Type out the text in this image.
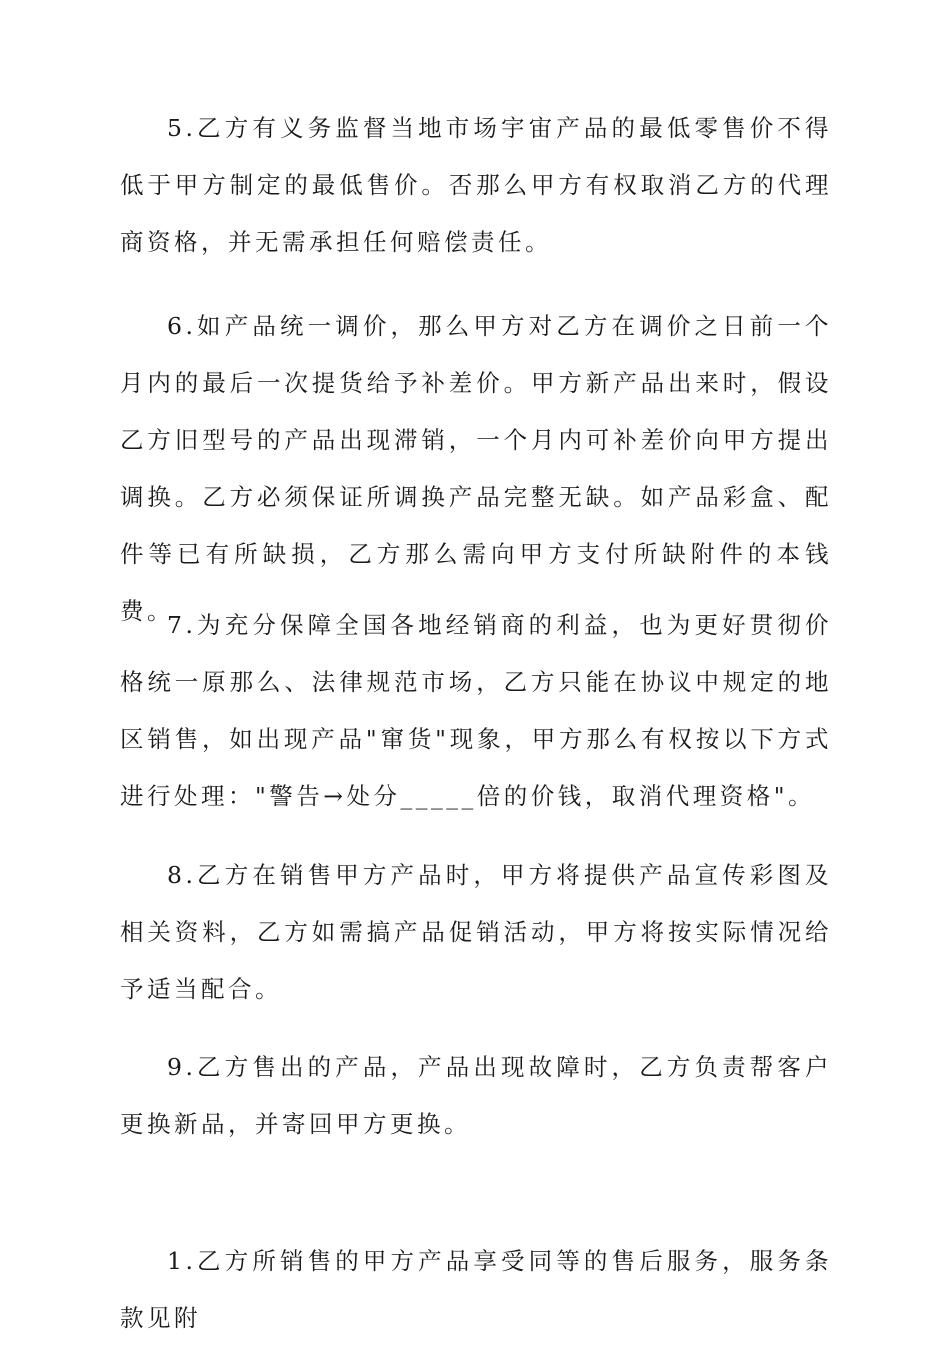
5.乙方有义务监督当地市场宇宙产品的最低零售价不得低于甲方制定的最低售价。否那么甲方有权取消乙方的代理商资格，并无需承担任何赔偿责任。

6.如产品统一调价，那么甲方对乙方在调价之日前一个月内的最后一次提货给予补差价。甲方新产品出来时，假设乙方旧型号的产品出现滞销，一个月内可补差价向甲方提出调换。乙方必须保证所调换产品完整无缺。如产品彩盒、配件等已有所缺损，乙方那么需向甲方支付所缺附件的本钱费。

7.为充分保障全国各地经销商的利益，也为更好贯彻价格统一原那么、法律规范市场，乙方只能在协议中规定的地区销售，如出现产品"窜货"现象，甲方那么有权按以下方式进行处理："警告→处分_____倍的价钱，取消代理资格"。

8.乙方在销售甲方产品时，甲方将提供产品宣传彩图及相关资料，乙方如需搞产品促销活动，甲方将按实际情况给予适当配合。

9.乙方售出的产品，产品出现故障时，乙方负责帮客户更换新品，并寄回甲方更换。

1.乙方所销售的甲方产品享受同等的售后服务，服务条款见附
